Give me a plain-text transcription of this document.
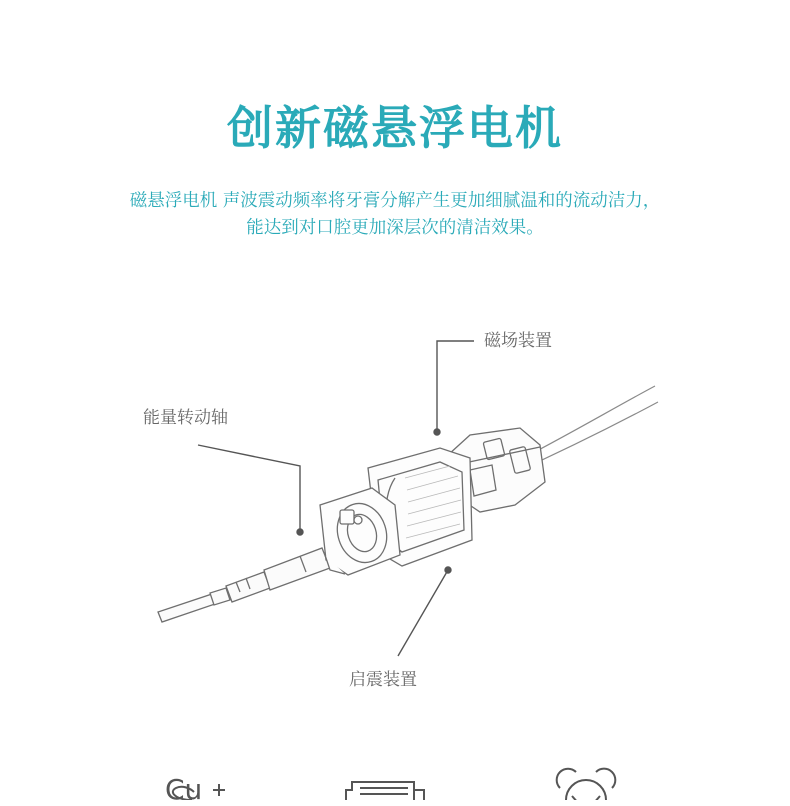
创新磁悬浮电机
磁悬浮电机 声波震动频率将牙膏分解产生更加细腻温和的流动洁力，
能达到对口腔更加深层次的清洁效果。
磁场装置
能量转动轴
启震装置
Cu
